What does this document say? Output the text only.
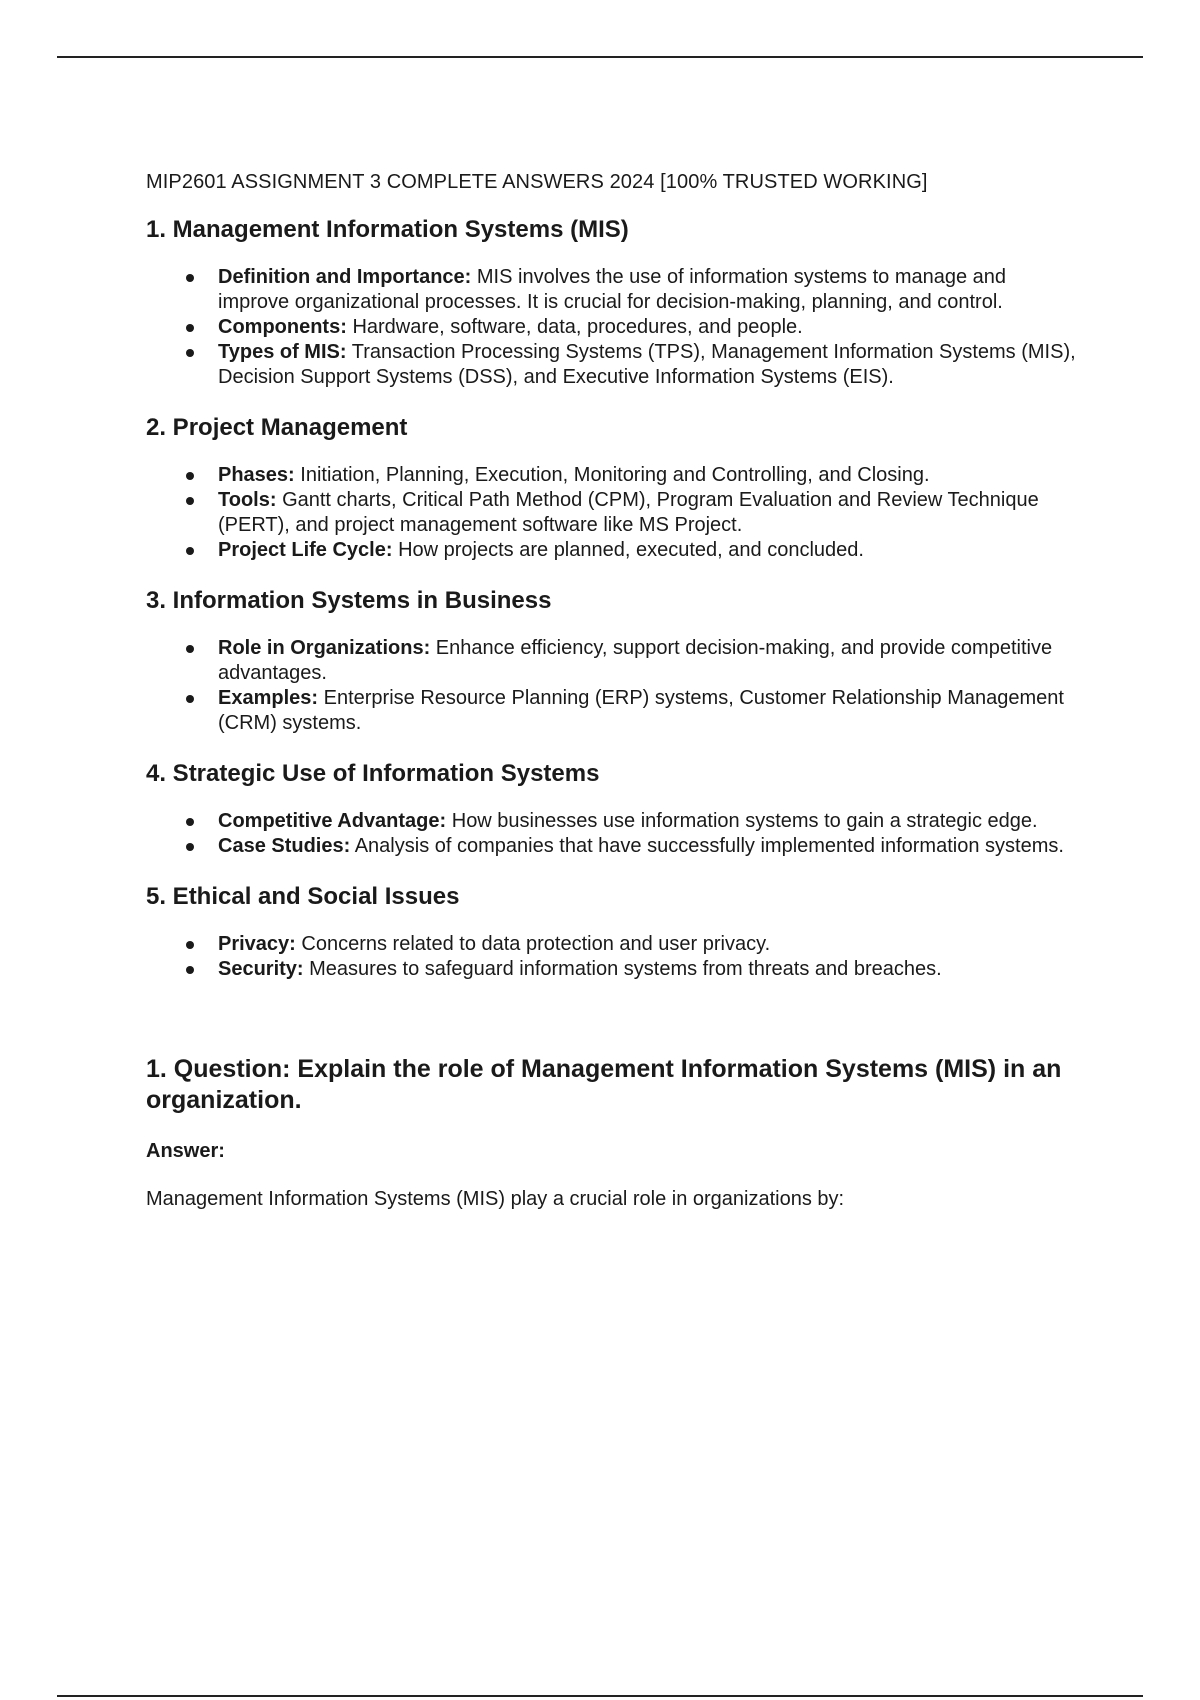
MIP2601 ASSIGNMENT 3 COMPLETE ANSWERS 2024 [100% TRUSTED WORKING]
1. Management Information Systems (MIS)
Definition and Importance: MIS involves the use of information systems to manage and improve organizational processes. It is crucial for decision-making, planning, and control.
Components: Hardware, software, data, procedures, and people.
Types of MIS: Transaction Processing Systems (TPS), Management Information Systems (MIS), Decision Support Systems (DSS), and Executive Information Systems (EIS).
2. Project Management
Phases: Initiation, Planning, Execution, Monitoring and Controlling, and Closing.
Tools: Gantt charts, Critical Path Method (CPM), Program Evaluation and Review Technique (PERT), and project management software like MS Project.
Project Life Cycle: How projects are planned, executed, and concluded.
3. Information Systems in Business
Role in Organizations: Enhance efficiency, support decision-making, and provide competitive advantages.
Examples: Enterprise Resource Planning (ERP) systems, Customer Relationship Management (CRM) systems.
4. Strategic Use of Information Systems
Competitive Advantage: How businesses use information systems to gain a strategic edge.
Case Studies: Analysis of companies that have successfully implemented information systems.
5. Ethical and Social Issues
Privacy: Concerns related to data protection and user privacy.
Security: Measures to safeguard information systems from threats and breaches.
1. Question: Explain the role of Management Information Systems (MIS) in an organization.
Answer:

Management Information Systems (MIS) play a crucial role in organizations by:
